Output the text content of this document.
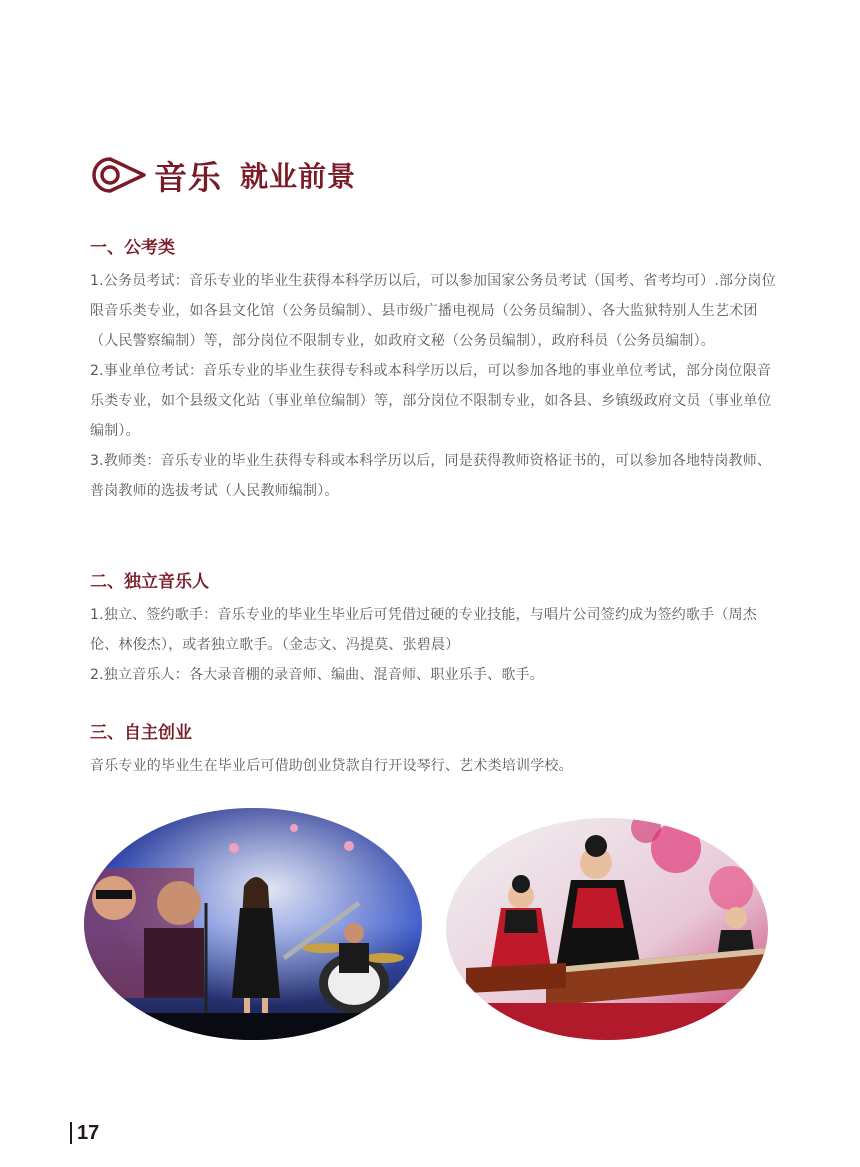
音乐 就业前景
一、公考类

1.公务员考试：音乐专业的毕业生获得本科学历以后，可以参加国家公务员考试（国考、省考均可）.部分岗位限音乐类专业，如各县文化馆（公务员编制）、县市级广播电视局（公务员编制）、各大监狱特别人生艺术团（人民警察编制）等，部分岗位不限制专业，如政府文秘（公务员编制），政府科员（公务员编制）。

2.事业单位考试：音乐专业的毕业生获得专科或本科学历以后，可以参加各地的事业单位考试，部分岗位限音乐类专业，如个县级文化站（事业单位编制）等，部分岗位不限制专业，如各县、乡镇级政府文员（事业单位编制）。

3.教师类：音乐专业的毕业生获得专科或本科学历以后，同是获得教师资格证书的，可以参加各地特岗教师、普岗教师的选拔考试（人民教师编制）。

二、独立音乐人

1.独立、签约歌手：音乐专业的毕业生毕业后可凭借过硬的专业技能，与唱片公司签约成为签约歌手（周杰伦、林俊杰），或者独立歌手。（金志文、冯提莫、张碧晨）

2.独立音乐人：各大录音棚的录音师、编曲、混音师、职业乐手、歌手。

三、自主创业

音乐专业的毕业生在毕业后可借助创业贷款自行开设琴行、艺术类培训学校。

17
